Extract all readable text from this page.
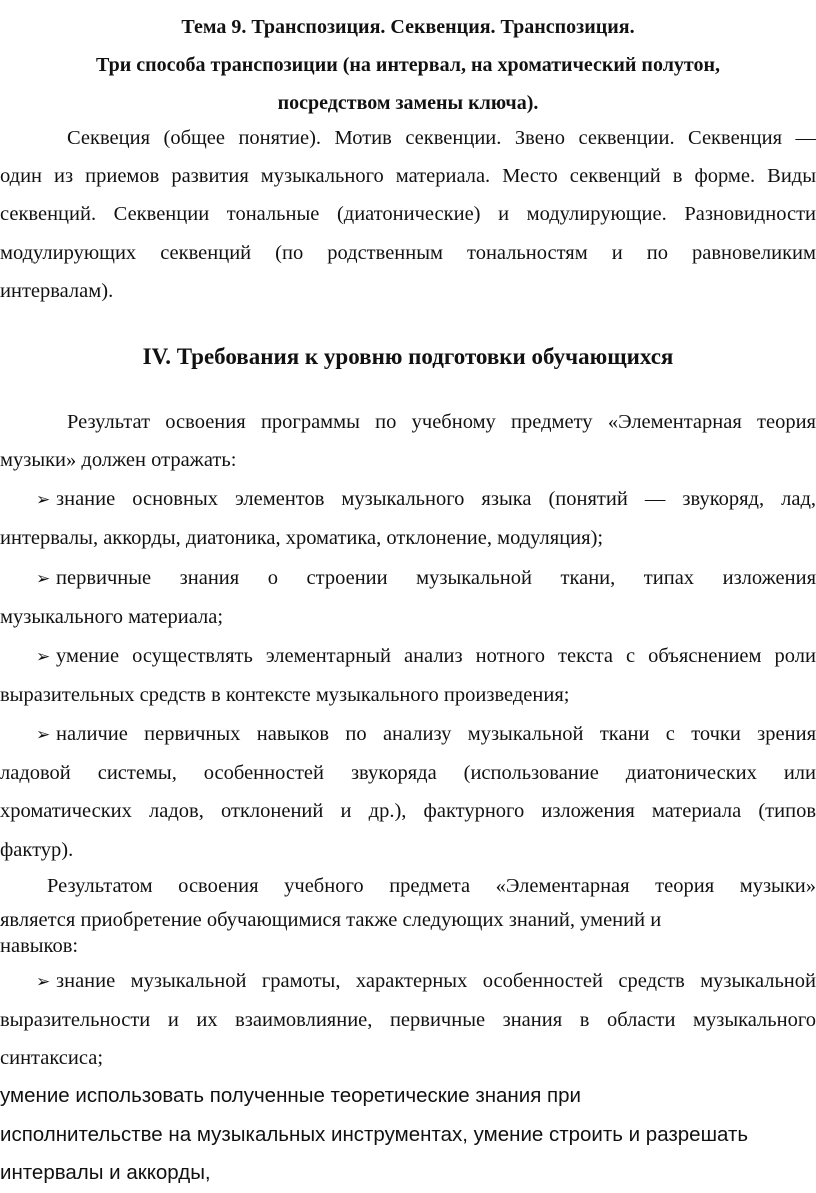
Тема 9. Транспозиция. Секвенция. Транспозиция.
Три способа транспозиции (на интервал, на хроматический полутон,
посредством замены ключа).
Секвеция (общее понятие). Мотив секвенции. Звено секвенции. Секвенция —
один из приемов развития музыкального материала. Место секвенций в форме. Виды
секвенций. Секвенции тональные (диатонические) и модулирующие. Разновидности
модулирующих секвенций (по родственным тональностям и по равновеликим
интервалам).
IV. Требования к уровню подготовки обучающихся
Результат освоения программы по учебному предмету «Элементарная теория
музыки» должен отражать:
➢ знание основных элементов музыкального языка (понятий — звукоряд, лад,
интервалы, аккорды, диатоника, хроматика, отклонение, модуляция);
➢ первичные знания о строении музыкальной ткани, типах изложения
музыкального материала;
➢ умение осуществлять элементарный анализ нотного текста с объяснением роли
выразительных средств в контексте музыкального произведения;
➢ наличие первичных навыков по анализу музыкальной ткани с точки зрения
ладовой системы, особенностей звукоряда (использование диатонических или
хроматических ладов, отклонений и др.), фактурного изложения материала (типов
фактур).
Результатом освоения учебного предмета «Элементарная теория музыки»
является приобретение обучающимися также следующих знаний, умений и
навыков:
➢ знание музыкальной грамоты, характерных особенностей средств музыкальной
выразительности и их взаимовлияние, первичные знания в области музыкального
синтаксиса;
умение использовать полученные теоретические знания при
исполнительстве на музыкальных инструментах, умение строить и разрешать
интервалы и аккорды,
